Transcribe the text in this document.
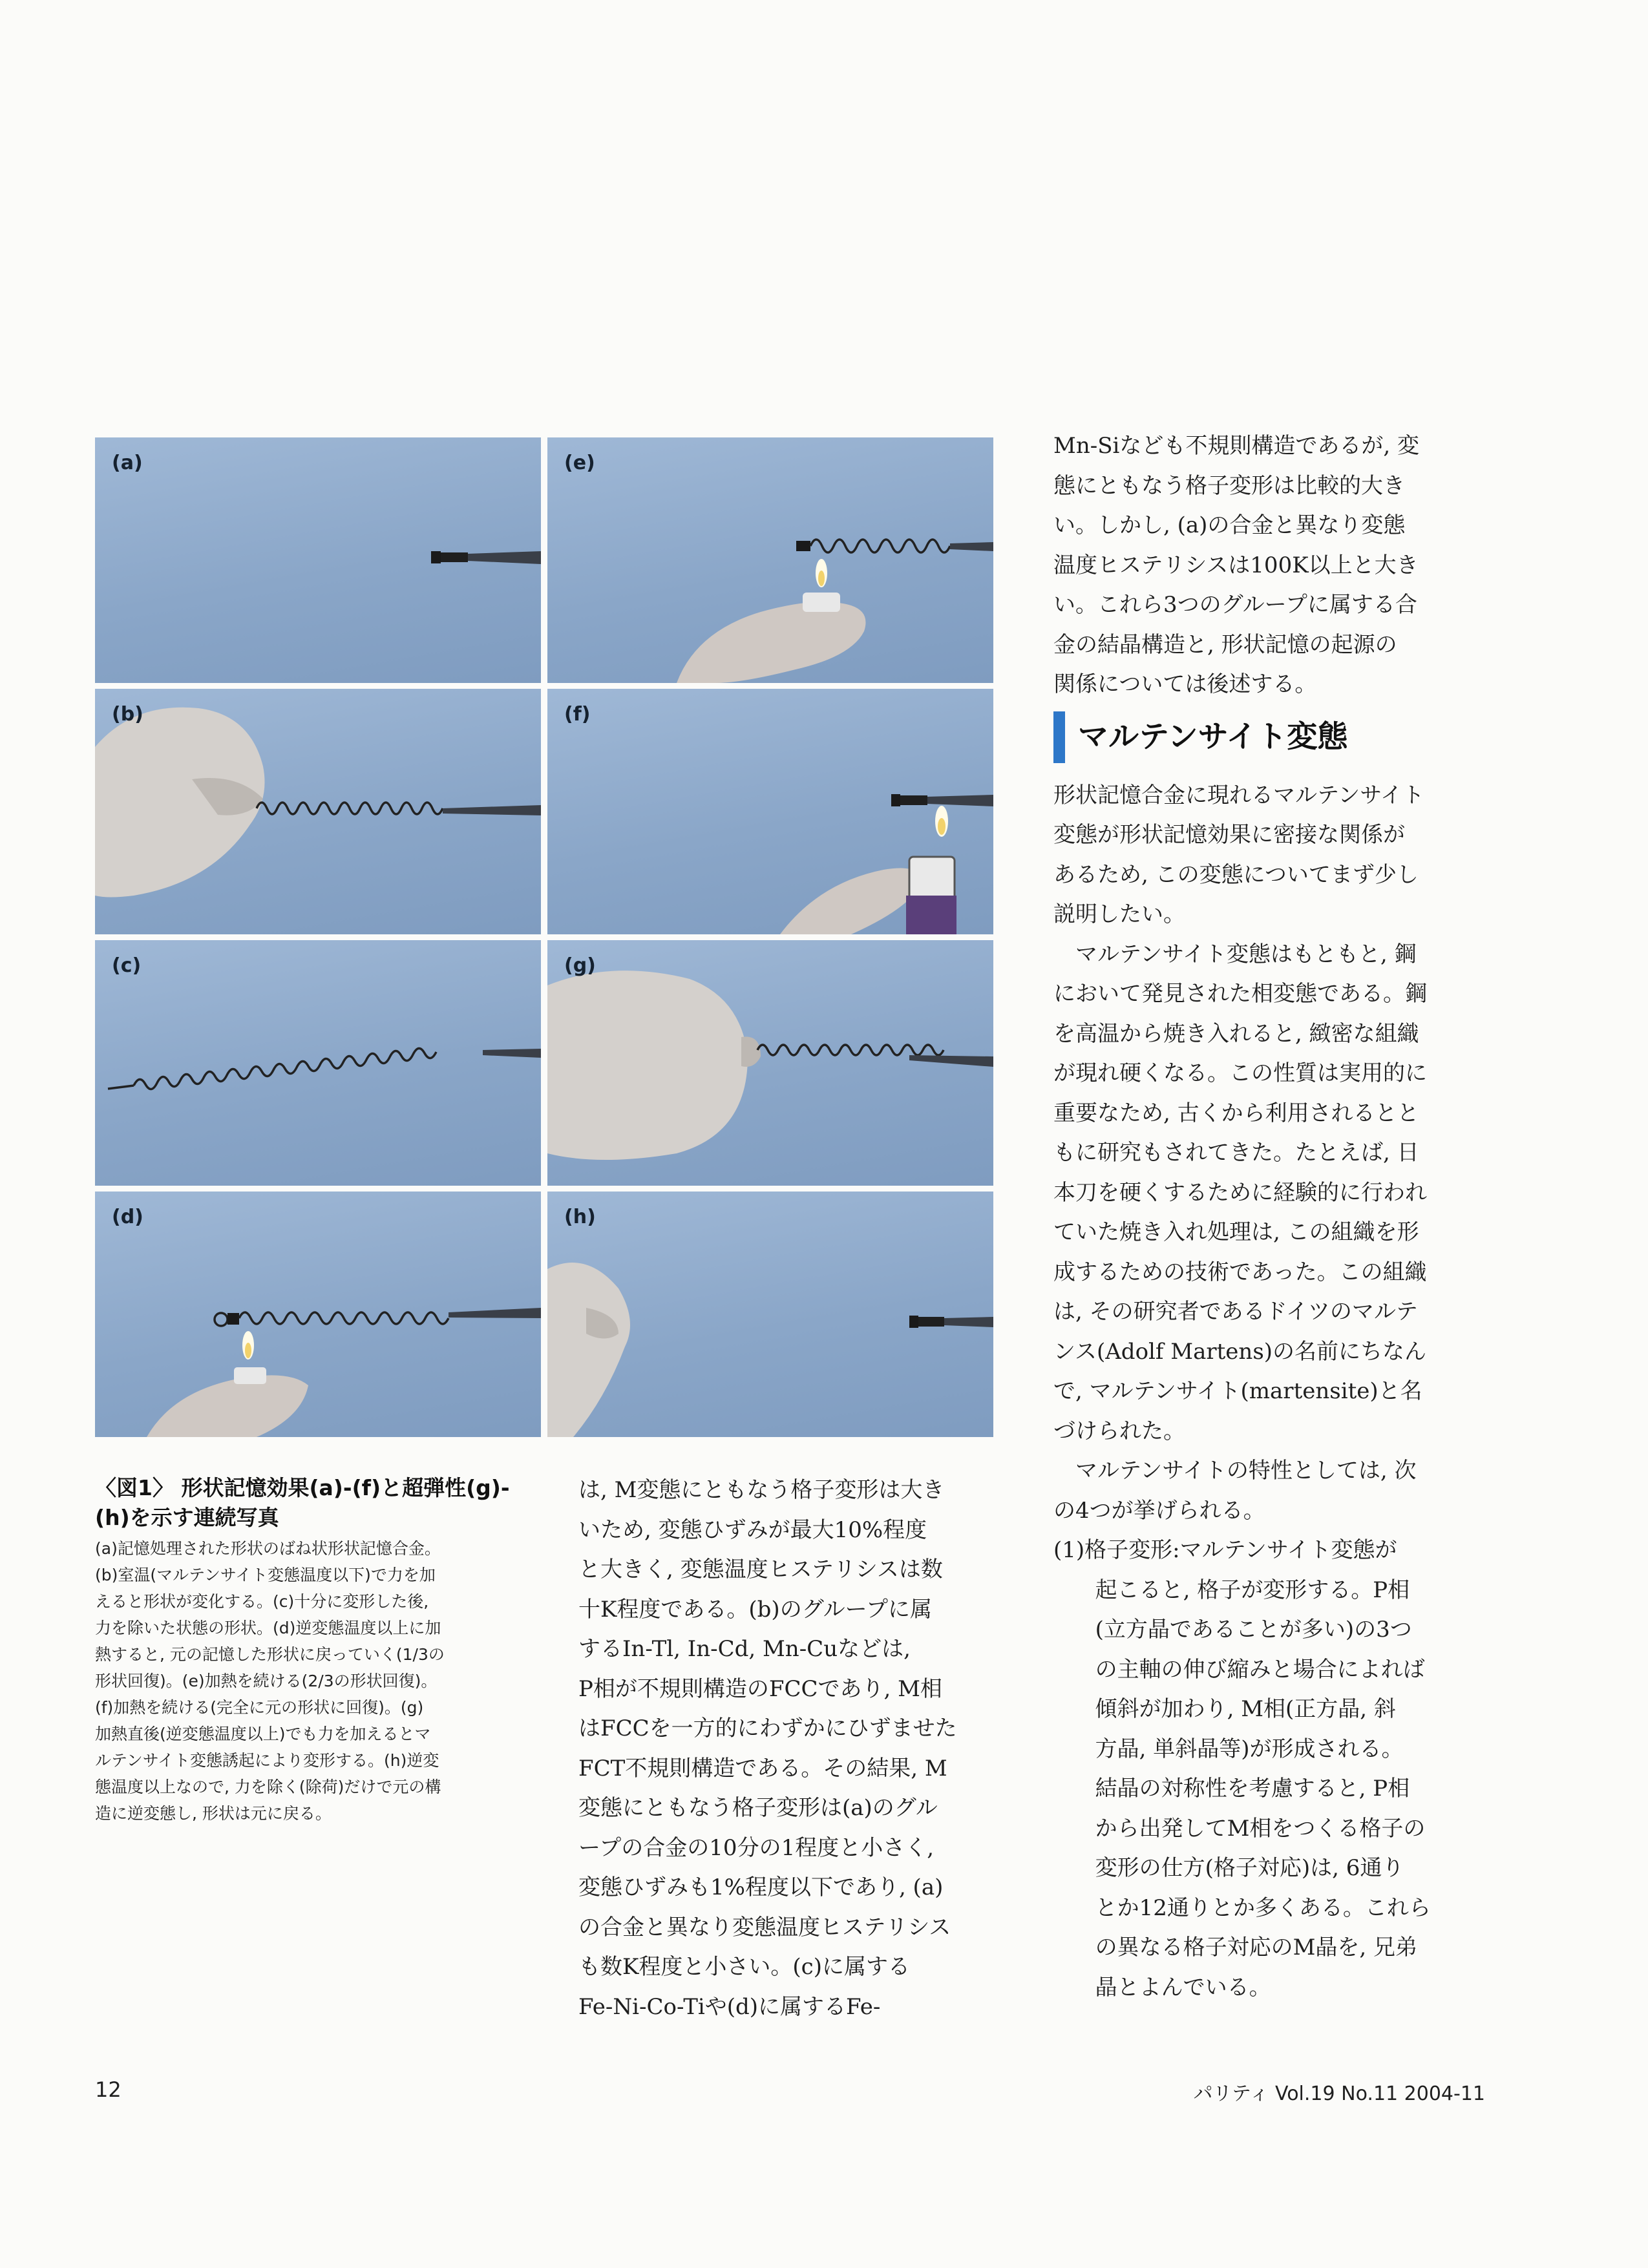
(a)	(e)
(b)	(f)
(c)	(g)
(d)	(h)
〈図1〉 形状記憶効果(a)-(f)と超弾性(g)-(h)を示す連続写真
(a)記憶処理された形状のばね状形状記憶合金。
(b)室温(マルテンサイト変態温度以下)で力を加
えると形状が変化する。(c)十分に変形した後,
力を除いた状態の形状。(d)逆変態温度以上に加
熱すると, 元の記憶した形状に戻っていく(1/3の
形状回復)。(e)加熱を続ける(2/3の形状回復)。
(f)加熱を続ける(完全に元の形状に回復)。(g)
加熱直後(逆変態温度以上)でも力を加えるとマ
ルテンサイト変態誘起により変形する。(h)逆変
態温度以上なので, 力を除く(除荷)だけで元の構
造に逆変態し, 形状は元に戻る。
は, M変態にともなう格子変形は大き
いため, 変態ひずみが最大10%程度
と大きく, 変態温度ヒステリシスは数
十K程度である。(b)のグループに属
するIn-Tl, In-Cd, Mn-Cuなどは,
P相が不規則構造のFCCであり, M相
はFCCを一方的にわずかにひずませた
FCT不規則構造である。その結果, M
変態にともなう格子変形は(a)のグル
ープの合金の10分の1程度と小さく,
変態ひずみも1%程度以下であり, (a)
の合金と異なり変態温度ヒステリシス
も数K程度と小さい。(c)に属する
Fe-Ni-Co-Tiや(d)に属するFe-
Mn-Siなども不規則構造であるが, 変
態にともなう格子変形は比較的大き
い。しかし, (a)の合金と異なり変態
温度ヒステリシスは100K以上と大き
い。これら3つのグループに属する合
金の結晶構造と, 形状記憶の起源の
関係については後述する。
マルテンサイト変態
形状記憶合金に現れるマルテンサイト
変態が形状記憶効果に密接な関係が
あるため, この変態についてまず少し
説明したい。
マルテンサイト変態はもともと, 鋼
において発見された相変態である。鋼
を高温から焼き入れると, 緻密な組織
が現れ硬くなる。この性質は実用的に
重要なため, 古くから利用されるとと
もに研究もされてきた。たとえば, 日
本刀を硬くするために経験的に行われ
ていた焼き入れ処理は, この組織を形
成するための技術であった。この組織
は, その研究者であるドイツのマルテ
ンス(Adolf Martens)の名前にちなん
で, マルテンサイト(martensite)と名
づけられた。
マルテンサイトの特性としては, 次
の4つが挙げられる。
(1)格子変形:マルテンサイト変態が
起こると, 格子が変形する。P相
(立方晶であることが多い)の3つ
の主軸の伸び縮みと場合によれば
傾斜が加わり, M相(正方晶, 斜
方晶, 単斜晶等)が形成される。
結晶の対称性を考慮すると, P相
から出発してM相をつくる格子の
変形の仕方(格子対応)は, 6通り
とか12通りとか多くある。これら
の異なる格子対応のM晶を, 兄弟
晶とよんでいる。
12	パリティ Vol.19 No.11 2004-11
